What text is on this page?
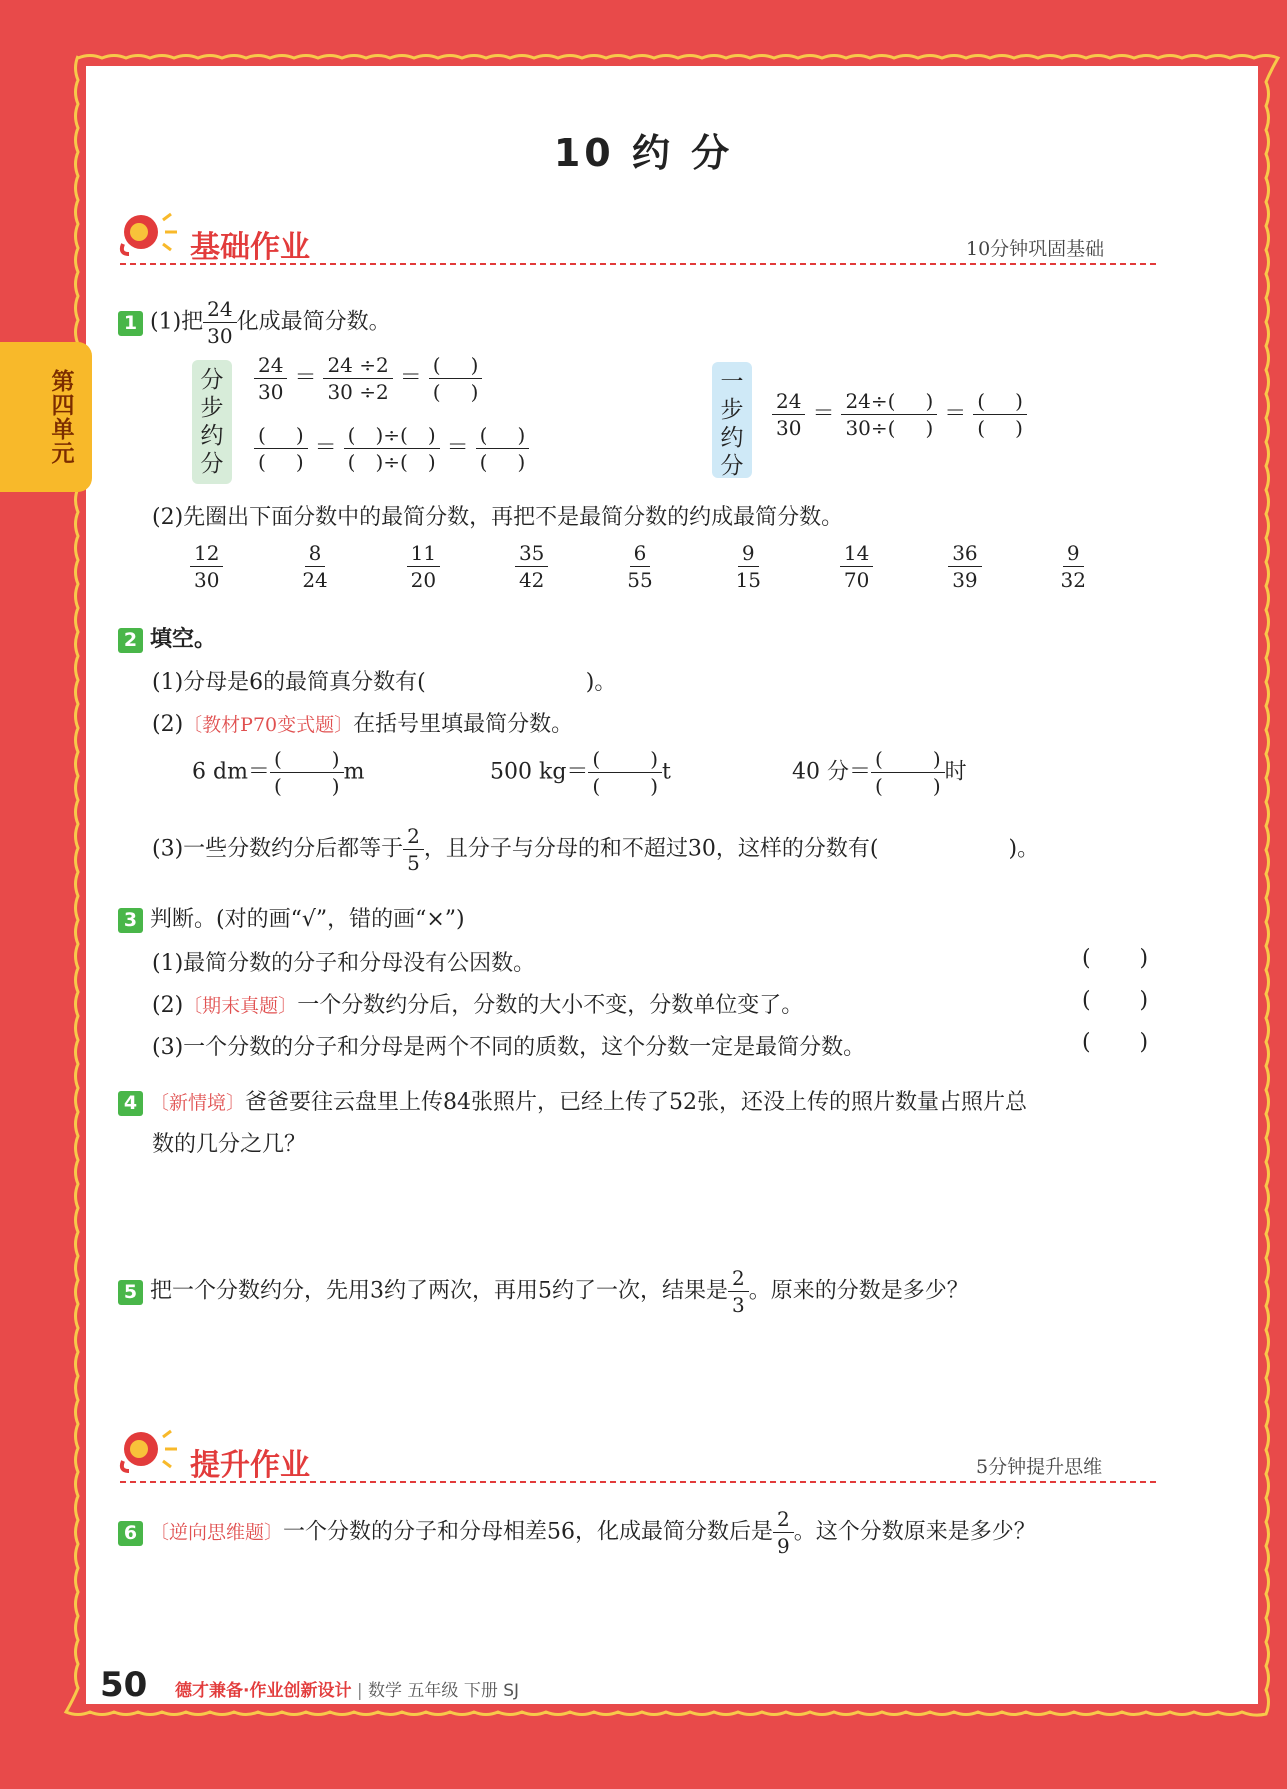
第四单元
10 约 分
基础作业	10分钟巩固基础
1 (1)把 $\frac{24}{30}$ 化成最简分数。
分步约分
$\frac{24}{30} = \frac{24 \div 2}{30 \div 2} = \frac{( )}{( )}$
$\frac{( )}{( )} = \frac{( )\div( )}{( )\div( )} = \frac{( )}{( )}$
一步约分
$\frac{24}{30} = \frac{24\div( )}{30\div( )} = \frac{( )}{( )}$
(2)先圈出下面分数中的最简分数，再把不是最简分数的约成最简分数。
$\frac{12}{30}$	$\frac{8}{24}$	$\frac{11}{20}$	$\frac{35}{42}$	$\frac{6}{55}$	$\frac{9}{15}$	$\frac{14}{70}$	$\frac{36}{39}$	$\frac{9}{32}$
2 填空。
(1)分母是6的最简真分数有(	)。
(2)〔教材P70变式题〕在括号里填最简分数。
6 dm＝ (   	)
(   	) m	500 kg＝ (   	)
(   	) t	40 分＝ (   	)
(   	) 时
(3)一些分数约分后都等于 $\frac{2}{5}$ ，且分子与分母的和不超过30，这样的分数有(	)。
3 判断。(对的画“√”，错的画“×”)
(1)最简分数的分子和分母没有公因数。
(2)〔期末真题〕一个分数约分后，分数的大小不变，分数单位变了。
(3)一个分数的分子和分母是两个不同的质数，这个分数一定是最简分数。
(       )
(       )
(       )
4 〔新情境〕爸爸要往云盘里上传84张照片，已经上传了52张，还没上传的照片数量占照片总
数的几分之几？
5 把一个分数约分，先用3约了两次，再用5约了一次，结果是 $\frac{2}{3}$ 。原来的分数是多少？
提升作业	5分钟提升思维
6 〔逆向思维题〕一个分数的分子和分母相差56，化成最简分数后是 $\frac{2}{9}$ 。这个分数原来是多少？
50 德才兼备·作业创新设计 | 数学 五年级 下册 SJ
